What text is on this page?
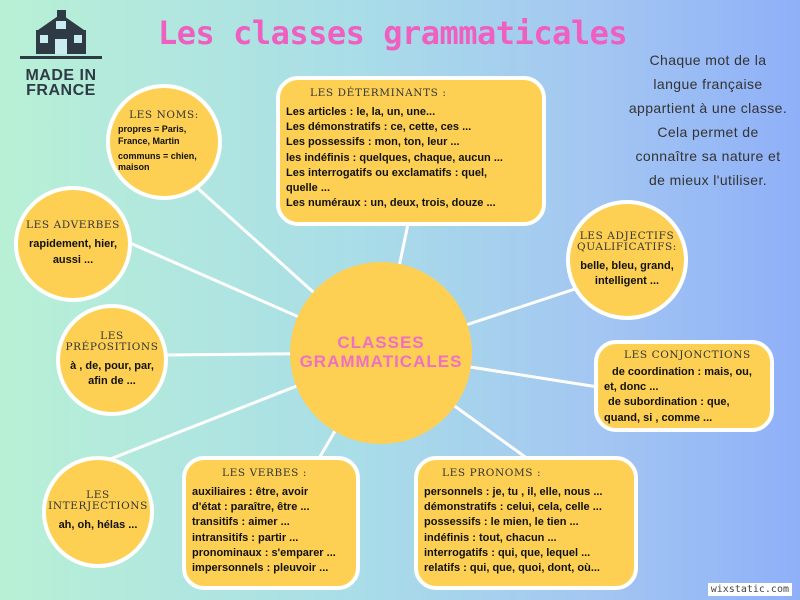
MADE IN FRANCE
Les classes grammaticales
Chaque mot de la langue française appartient à une classe. Cela permet de connaître sa nature et de mieux l'utiliser.
CLASSES GRAMMATICALES
LES NOMS:
propres = Paris, France, Martin
communs = chien, maison
LES DÉTERMINANTS :
Les articles : le, la, un, une...
Les démonstratifs : ce, cette, ces ...
Les possessifs : mon, ton, leur ...
les indéfinis : quelques, chaque, aucun ...
Les interrogatifs ou exclamatifs : quel,
quelle ...
Les numéraux : un, deux, trois, douze ...
LES ADVERBES
rapidement, hier,
aussi ...
LES ADJECTIFS QUALIFICATIFS:
belle, bleu, grand,
intelligent ...
LES PRÉPOSITIONS
à , de, pour, par,
afin de ...
LES CONJONCTIONS
de coordination : mais, ou,
et, donc ...
de subordination : que,
quand, si , comme ...
LES INTERJECTIONS
ah, oh, hélas ...
LES VERBES :
auxiliaires : être, avoir
d'état : paraître, être ...
transitifs : aimer ...
intransitifs : partir ...
pronominaux : s'emparer ...
impersonnels : pleuvoir ...
LES PRONOMS :
personnels : je, tu , il, elle, nous ...
démonstratifs : celui, cela, celle ...
possessifs : le mien, le tien ...
indéfinis : tout, chacun ...
interrogatifs : qui, que, lequel ...
relatifs : qui, que, quoi, dont, où...
wixstatic.com
